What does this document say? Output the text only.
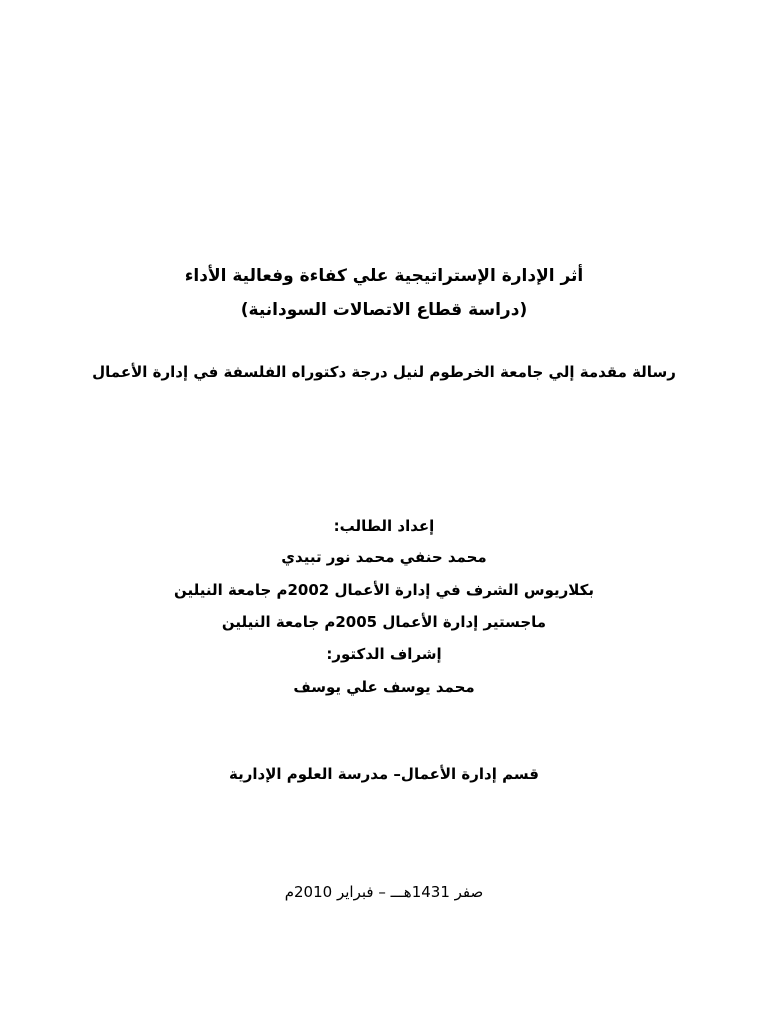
أثر الإدارة الإستراتيجية علي كفاءة وفعالية الأداء
(دراسة قطاع الاتصالات السودانية)
رسالة مقدمة إلي جامعة الخرطوم لنيل درجة دكتوراه الفلسفة في إدارة الأعمال
إعداد الطالب:
محمد حنفي محمد نور تبيدي
بكلاريوس الشرف في إدارة الأعمال 2002م جامعة النيلين
ماجستير إدارة الأعمال 2005م جامعة النيلين
إشراف الدكتور:
محمد يوسف علي يوسف
قسم إدارة الأعمال– مدرسة العلوم الإدارية
صفر 1431هـــ – فبراير 2010م
